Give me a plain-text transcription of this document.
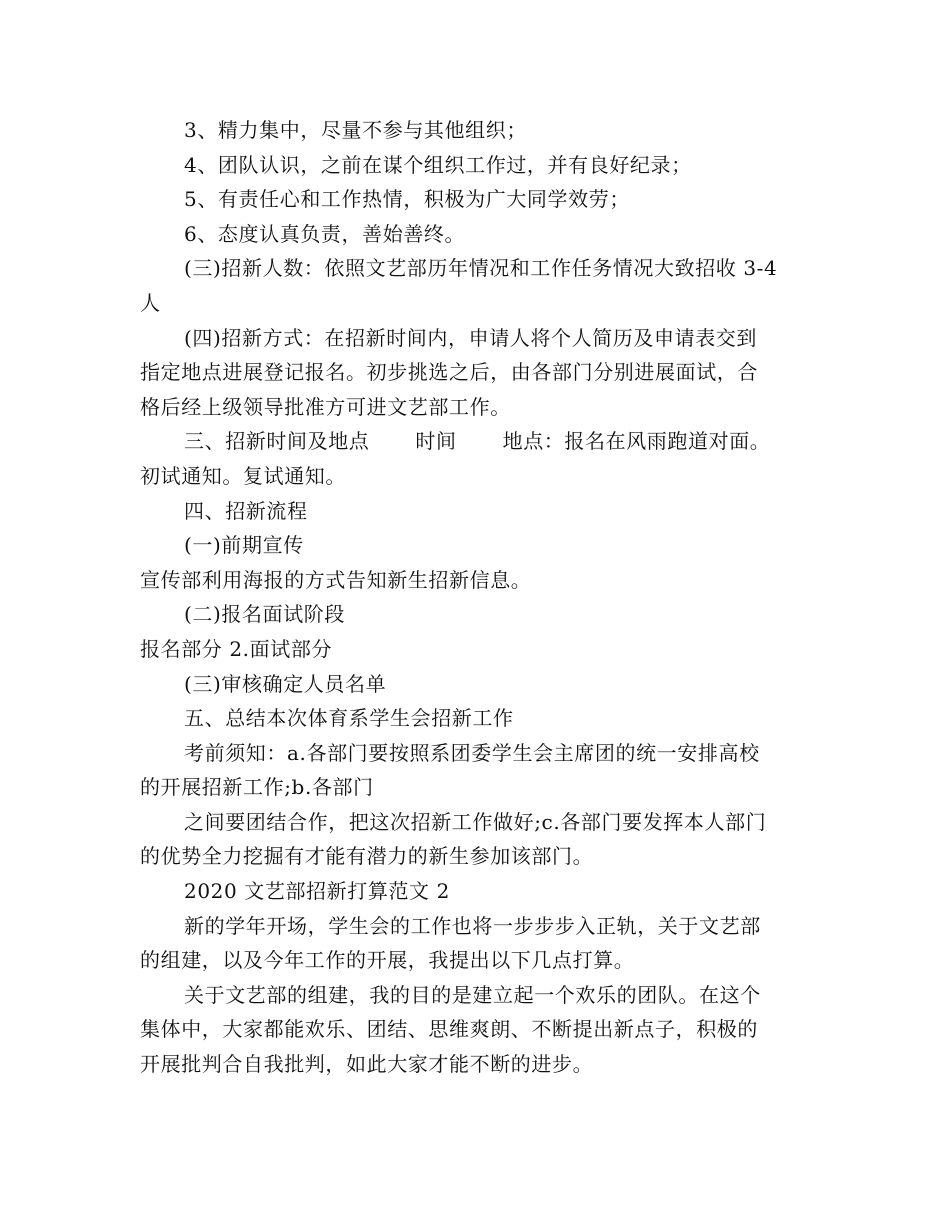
3、精力集中，尽量不参与其他组织；
4、团队认识，之前在谋个组织工作过，并有良好纪录；
5、有责任心和工作热情，积极为广大同学效劳；
6、态度认真负责，善始善终。
(三)招新人数：依照文艺部历年情况和工作任务情况大致招收 3-4
人
(四)招新方式：在招新时间内，申请人将个人简历及申请表交到
指定地点进展登记报名。初步挑选之后，由各部门分别进展面试，合
格后经上级领导批准方可进文艺部工作。
三、招新时间及地点 时间 地点：报名在风雨跑道对面。
初试通知。复试通知。
四、招新流程
(一)前期宣传
宣传部利用海报的方式告知新生招新信息。
(二)报名面试阶段
报名部分 2.面试部分
(三)审核确定人员名单
五、总结本次体育系学生会招新工作
考前须知：a.各部门要按照系团委学生会主席团的统一安排高校
的开展招新工作;b.各部门
之间要团结合作，把这次招新工作做好;c.各部门要发挥本人部门
的优势全力挖掘有才能有潜力的新生参加该部门。
2020 文艺部招新打算范文 2
新的学年开场，学生会的工作也将一步步步入正轨，关于文艺部
的组建，以及今年工作的开展，我提出以下几点打算。
关于文艺部的组建，我的目的是建立起一个欢乐的团队。在这个
集体中，大家都能欢乐、团结、思维爽朗、不断提出新点子，积极的
开展批判合自我批判，如此大家才能不断的进步。
